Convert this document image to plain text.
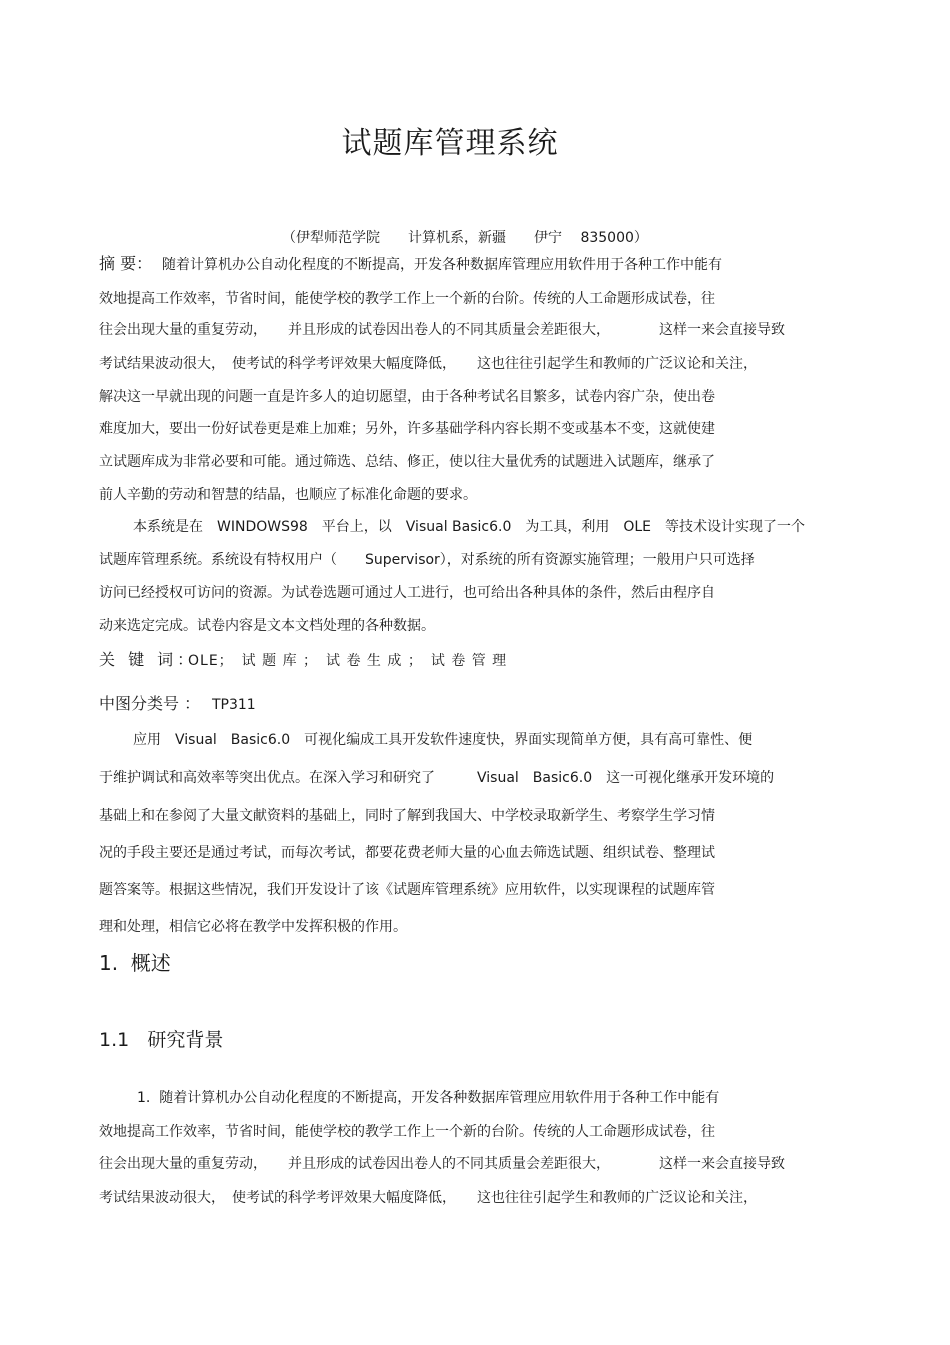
试题库管理系统
（伊犁师范学院　　计算机系，新疆　　伊宁　 835000）
摘 要： 随着计算机办公自动化程度的不断提高，开发各种数据库管理应用软件用于各种工作中能有
效地提高工作效率，节省时间，能使学校的教学工作上一个新的台阶。传统的人工命题形成试卷，往
往会出现大量的重复劳动，　　并且形成的试卷因出卷人的不同其质量会差距很大，　　　　这样一来会直接导致
考试结果波动很大，　使考试的科学考评效果大幅度降低，　　这也往往引起学生和教师的广泛议论和关注，
解决这一早就出现的问题一直是许多人的迫切愿望，由于各种考试名目繁多，试卷内容广杂，使出卷
难度加大，要出一份好试卷更是难上加难；另外，许多基础学科内容长期不变或基本不变，这就使建
立试题库成为非常必要和可能。通过筛选、总结、修正，使以往大量优秀的试题进入试题库，继承了
前人辛勤的劳动和智慧的结晶，也顺应了标准化命题的要求。
本系统是在　WINDOWS98　平台上，以　Visual Basic6.0　为工具，利用　OLE　等技术设计实现了一个
试题库管理系统。系统设有特权用户（　　Supervisor），对系统的所有资源实施管理；一般用户只可选择
访问已经授权可访问的资源。为试卷选题可通过人工进行，也可给出各种具体的条件，然后由程序自
动来选定完成。试卷内容是文本文档处理的各种数据。
关 键 词：
OLE；　试 题 库 ；　试 卷 生 成 ；　试 卷 管 理
中图分类号 ： TP311
应用　Visual　Basic6.0　可视化编成工具开发软件速度快，界面实现简单方便，具有高可靠性、便
于维护调试和高效率等突出优点。在深入学习和研究了　　　Visual　Basic6.0　这一可视化继承开发环境的
基础上和在参阅了大量文献资料的基础上，同时了解到我国大、中学校录取新学生、考察学生学习情
况的手段主要还是通过考试，而每次考试，都要花费老师大量的心血去筛选试题、组织试卷、整理试
题答案等。根据这些情况，我们开发设计了该《试题库管理系统》应用软件，以实现课程的试题库管
理和处理，相信它必将在教学中发挥积极的作用。
1.  概述
1.1   研究背景
1.  随着计算机办公自动化程度的不断提高，开发各种数据库管理应用软件用于各种工作中能有
效地提高工作效率，节省时间，能使学校的教学工作上一个新的台阶。传统的人工命题形成试卷，往
往会出现大量的重复劳动，　　并且形成的试卷因出卷人的不同其质量会差距很大，　　　　这样一来会直接导致
考试结果波动很大，　使考试的科学考评效果大幅度降低，　　这也往往引起学生和教师的广泛议论和关注，
